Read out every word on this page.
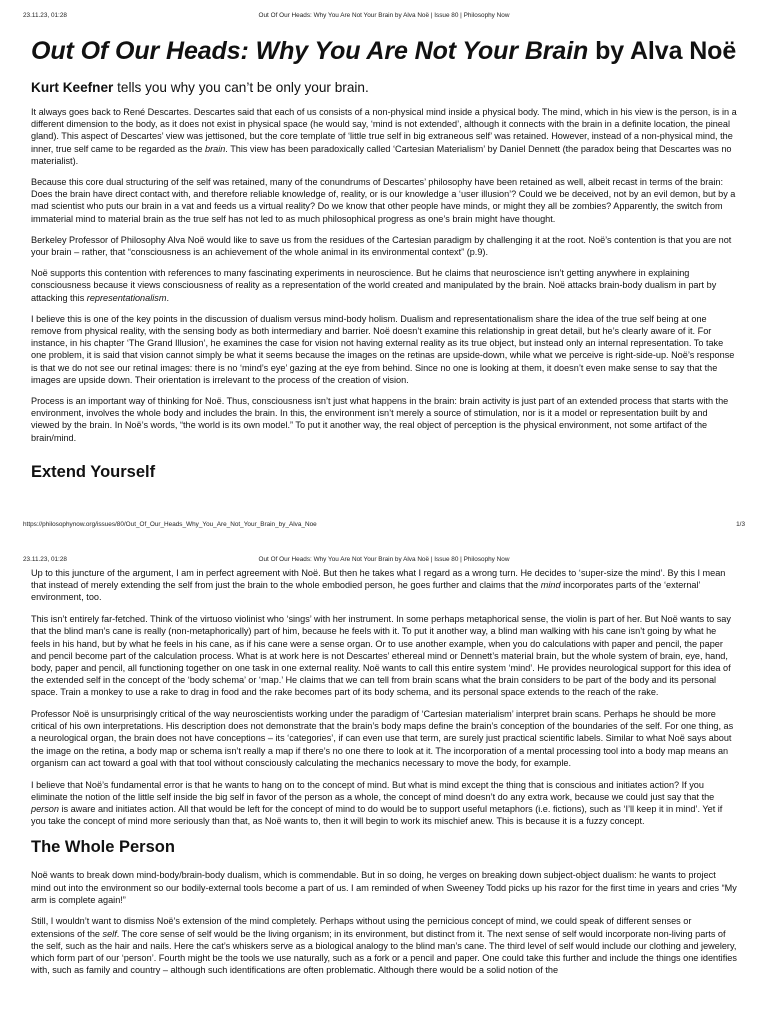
23.11.23, 01:28	Out Of Our Heads: Why You Are Not Your Brain by Alva Noë | Issue 80 | Philosophy Now
Out Of Our Heads: Why You Are Not Your Brain by Alva Noë

Kurt Keefner tells you why you can’t be only your brain.

It always goes back to René Descartes. Descartes said that each of us consists of a non-physical mind inside a physical body. The mind, which in his view is the person, is in a different dimension to the body, as it does not exist in physical space (he would say, ‘mind is not extended’, although it connects with the brain in a definite location, the pineal gland). This aspect of Descartes’ view was jettisoned, but the core template of ‘little true self in big extraneous self’ was retained. However, instead of a non-physical mind, the inner, true self came to be regarded as the brain. This view has been paradoxically called ‘Cartesian Materialism’ by Daniel Dennett (the paradox being that Descartes was no materialist).

Because this core dual structuring of the self was retained, many of the conundrums of Descartes’ philosophy have been retained as well, albeit recast in terms of the brain: Does the brain have direct contact with, and therefore reliable knowledge of, reality, or is our knowledge a ‘user illusion’? Could we be deceived, not by an evil demon, but by a mad scientist who puts our brain in a vat and feeds us a virtual reality? Do we know that other people have minds, or might they all be zombies? Apparently, the switch from immaterial mind to material brain as the true self has not led to as much philosophical progress as one’s brain might have thought.

Berkeley Professor of Philosophy Alva Noë would like to save us from the residues of the Cartesian paradigm by challenging it at the root. Noë’s contention is that you are not your brain – rather, that “consciousness is an achievement of the whole animal in its environmental context” (p.9).

Noë supports this contention with references to many fascinating experiments in neuroscience. But he claims that neuroscience isn’t getting anywhere in explaining consciousness because it views consciousness of reality as a representation of the world created and manipulated by the brain. Noë attacks brain-body dualism in part by attacking this representationalism.

I believe this is one of the key points in the discussion of dualism versus mind-body holism. Dualism and representationalism share the idea of the true self being at one remove from physical reality, with the sensing body as both intermediary and barrier. Noë doesn’t examine this relationship in great detail, but he’s clearly aware of it. For instance, in his chapter ‘The Grand Illusion’, he examines the case for vision not having external reality as its true object, but instead only an internal representation. To take one problem, it is said that vision cannot simply be what it seems because the images on the retinas are upside-down, while what we perceive is right-side-up. Noë’s response is that we do not see our retinal images: there is no ‘mind’s eye’ gazing at the eye from behind. Since no one is looking at them, it doesn’t even make sense to say that the images are upside down. Their orientation is irrelevant to the process of the creation of vision.

Process is an important way of thinking for Noë. Thus, consciousness isn’t just what happens in the brain: brain activity is just part of an extended process that starts with the environment, involves the whole body and includes the brain. In this, the environment isn’t merely a source of stimulation, nor is it a model or representation built by and viewed by the brain. In Noë’s words, “the world is its own model.” To put it another way, the real object of perception is the physical environment, not some artifact of the brain/mind.

Extend Yourself
https://philosophynow.org/issues/80/Out_Of_Our_Heads_Why_You_Are_Not_Your_Brain_by_Alva_Noe	1/3
23.11.23, 01:28	Out Of Our Heads: Why You Are Not Your Brain by Alva Noë | Issue 80 | Philosophy Now

Up to this juncture of the argument, I am in perfect agreement with Noë. But then he takes what I regard as a wrong turn. He decides to ‘super-size the mind’. By this I mean that instead of merely extending the self from just the brain to the whole embodied person, he goes further and claims that the mind incorporates parts of the ‘external’ environment, too.

This isn’t entirely far-fetched. Think of the virtuoso violinist who ‘sings’ with her instrument. In some perhaps metaphorical sense, the violin is part of her. But Noë wants to say that the blind man’s cane is really (non-metaphorically) part of him, because he feels with it. To put it another way, a blind man walking with his cane isn’t going by what he feels in his hand, but by what he feels in his cane, as if his cane were a sense organ. Or to use another example, when you do calculations with paper and pencil, the paper and pencil become part of the calculation process. What is at work here is not Descartes’ ethereal mind or Dennett’s material brain, but the whole system of brain, eye, hand, body, paper and pencil, all functioning together on one task in one external reality. Noë wants to call this entire system ‘mind’. He provides neurological support for this idea of the extended self in the concept of the ‘body schema’ or ‘map.’ He claims that we can tell from brain scans what the brain considers to be part of the body and its personal space. Train a monkey to use a rake to drag in food and the rake becomes part of its body schema, and its personal space extends to the reach of the rake.

Professor Noë is unsurprisingly critical of the way neuroscientists working under the paradigm of ‘Cartesian materialism’ interpret brain scans. Perhaps he should be more critical of his own interpretations. His description does not demonstrate that the brain’s body maps define the brain’s conception of the boundaries of the self. For one thing, as a neurological organ, the brain does not have conceptions – its ‘categories’, if can even use that term, are surely just practical scientific labels. Similar to what Noë says about the image on the retina, a body map or schema isn’t really a map if there’s no one there to look at it. The incorporation of a mental processing tool into a body map means an organism can act toward a goal with that tool without consciously calculating the mechanics necessary to move the body, for example.

I believe that Noë’s fundamental error is that he wants to hang on to the concept of mind. But what is mind except the thing that is conscious and initiates action? If you eliminate the notion of the little self inside the big self in favor of the person as a whole, the concept of mind doesn’t do any extra work, because we could just say that the person is aware and initiates action. All that would be left for the concept of mind to do would be to support useful metaphors (i.e. fictions), such as ‘I’ll keep it in mind’. Yet if you take the concept of mind more seriously than that, as Noë wants to, then it will begin to work its mischief anew. This is because it is a fuzzy concept.

The Whole Person

Noë wants to break down mind-body/brain-body dualism, which is commendable. But in so doing, he verges on breaking down subject-object dualism: he wants to project mind out into the environment so our bodily-external tools become a part of us. I am reminded of when Sweeney Todd picks up his razor for the first time in years and cries “My arm is complete again!”

Still, I wouldn’t want to dismiss Noë’s extension of the mind completely. Perhaps without using the pernicious concept of mind, we could speak of different senses or extensions of the self. The core sense of self would be the living organism; in its environment, but distinct from it. The next sense of self would incorporate non-living parts of the self, such as the hair and nails. Here the cat’s whiskers serve as a biological analogy to the blind man’s cane. The third level of self would include our clothing and jewelery, which form part of our ‘person’. Fourth might be the tools we use naturally, such as a fork or a pencil and paper. One could take this further and include the things one identifies with, such as family and country – although such identifications are often problematic. Although there would be a solid notion of the
